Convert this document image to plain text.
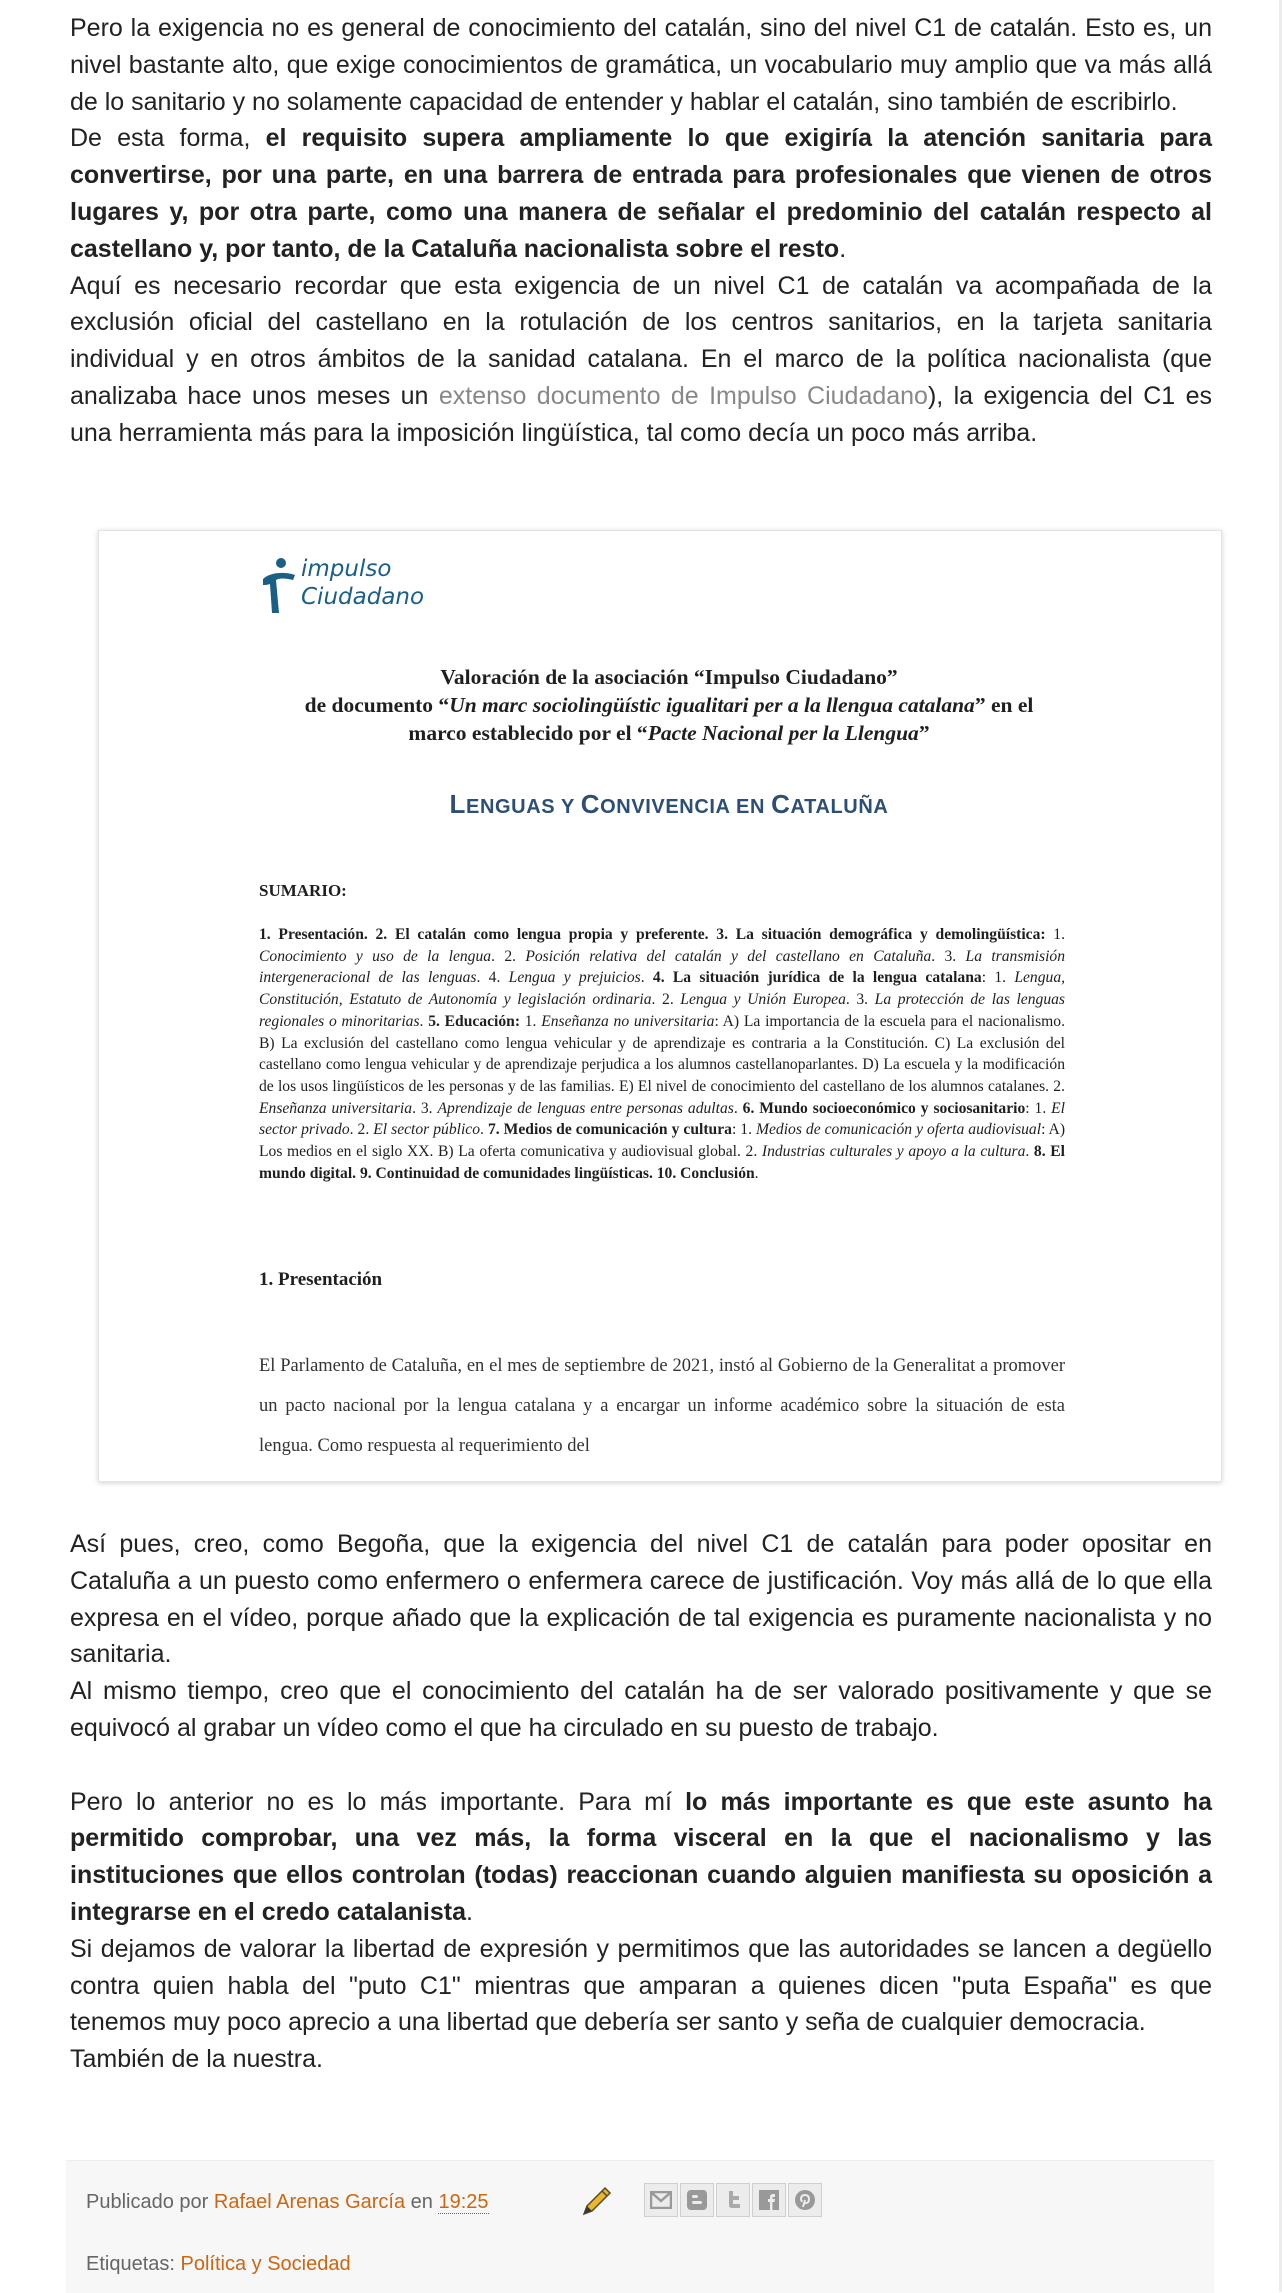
Pero la exigencia no es general de conocimiento del catalán, sino del nivel C1 de catalán. Esto es, un nivel bastante alto, que exige conocimientos de gramática, un vocabulario muy amplio que va más allá de lo sanitario y no solamente capacidad de entender y hablar el catalán, sino también de escribirlo.

De esta forma, el requisito supera ampliamente lo que exigiría la atención sanitaria para convertirse, por una parte, en una barrera de entrada para profesionales que vienen de otros lugares y, por otra parte, como una manera de señalar el predominio del catalán respecto al castellano y, por tanto, de la Cataluña nacionalista sobre el resto.

Aquí es necesario recordar que esta exigencia de un nivel C1 de catalán va acompañada de la exclusión oficial del castellano en la rotulación de los centros sanitarios, en la tarjeta sanitaria individual y en otros ámbitos de la sanidad catalana. En el marco de la política nacionalista (que analizaba hace unos meses un extenso documento de Impulso Ciudadano), la exigencia del C1 es una herramienta más para la imposición lingüística, tal como decía un poco más arriba.

impulso
Ciudadano
Valoración de la asociación “Impulso Ciudadano”
de documento “Un marc sociolingüístic igualitari per a la llengua catalana” en el
marco establecido por el “Pacte Nacional per la Llengua”
LENGUAS Y CONVIVENCIA EN CATALUÑA
SUMARIO:
1. Presentación. 2. El catalán como lengua propia y preferente. 3. La situación demográfica y demolingüística: 1. Conocimiento y uso de la lengua. 2. Posición relativa del catalán y del castellano en Cataluña. 3. La transmisión intergeneracional de las lenguas. 4. Lengua y prejuicios. 4. La situación jurídica de la lengua catalana: 1. Lengua, Constitución, Estatuto de Autonomía y legislación ordinaria. 2. Lengua y Unión Europea. 3. La protección de las lenguas regionales o minoritarias. 5. Educación: 1. Enseñanza no universitaria: A) La importancia de la escuela para el nacionalismo. B) La exclusión del castellano como lengua vehicular y de aprendizaje es contraria a la Constitución. C) La exclusión del castellano como lengua vehicular y de aprendizaje perjudica a los alumnos castellanoparlantes. D) La escuela y la modificación de los usos lingüísticos de les personas y de las familias. E) El nivel de conocimiento del castellano de los alumnos catalanes. 2. Enseñanza universitaria. 3. Aprendizaje de lenguas entre personas adultas. 6. Mundo socioeconómico y sociosanitario: 1. El sector privado. 2. El sector público. 7. Medios de comunicación y cultura: 1. Medios de comunicación y oferta audiovisual: A) Los medios en el siglo XX. B) La oferta comunicativa y audiovisual global. 2. Industrias culturales y apoyo a la cultura. 8. El mundo digital. 9. Continuidad de comunidades lingüísticas. 10. Conclusión.
1. Presentación
El Parlamento de Cataluña, en el mes de septiembre de 2021, instó al Gobierno de la Generalitat a promover un pacto nacional por la lengua catalana y a encargar un informe académico sobre la situación de esta lengua. Como respuesta al requerimiento del

Así pues, creo, como Begoña, que la exigencia del nivel C1 de catalán para poder opositar en Cataluña a un puesto como enfermero o enfermera carece de justificación. Voy más allá de lo que ella expresa en el vídeo, porque añado que la explicación de tal exigencia es puramente nacionalista y no sanitaria.

Al mismo tiempo, creo que el conocimiento del catalán ha de ser valorado positivamente y que se equivocó al grabar un vídeo como el que ha circulado en su puesto de trabajo.

Pero lo anterior no es lo más importante. Para mí lo más importante es que este asunto ha permitido comprobar, una vez más, la forma visceral en la que el nacionalismo y las instituciones que ellos controlan (todas) reaccionan cuando alguien manifiesta su oposición a integrarse en el credo catalanista.

Si dejamos de valorar la libertad de expresión y permitimos que las autoridades se lancen a degüello contra quien habla del "puto C1" mientras que amparan a quienes dicen "puta España" es que tenemos muy poco aprecio a una libertad que debería ser santo y seña de cualquier democracia.

También de la nuestra.

Publicado por Rafael Arenas García en 19:25
Etiquetas: Política y Sociedad
